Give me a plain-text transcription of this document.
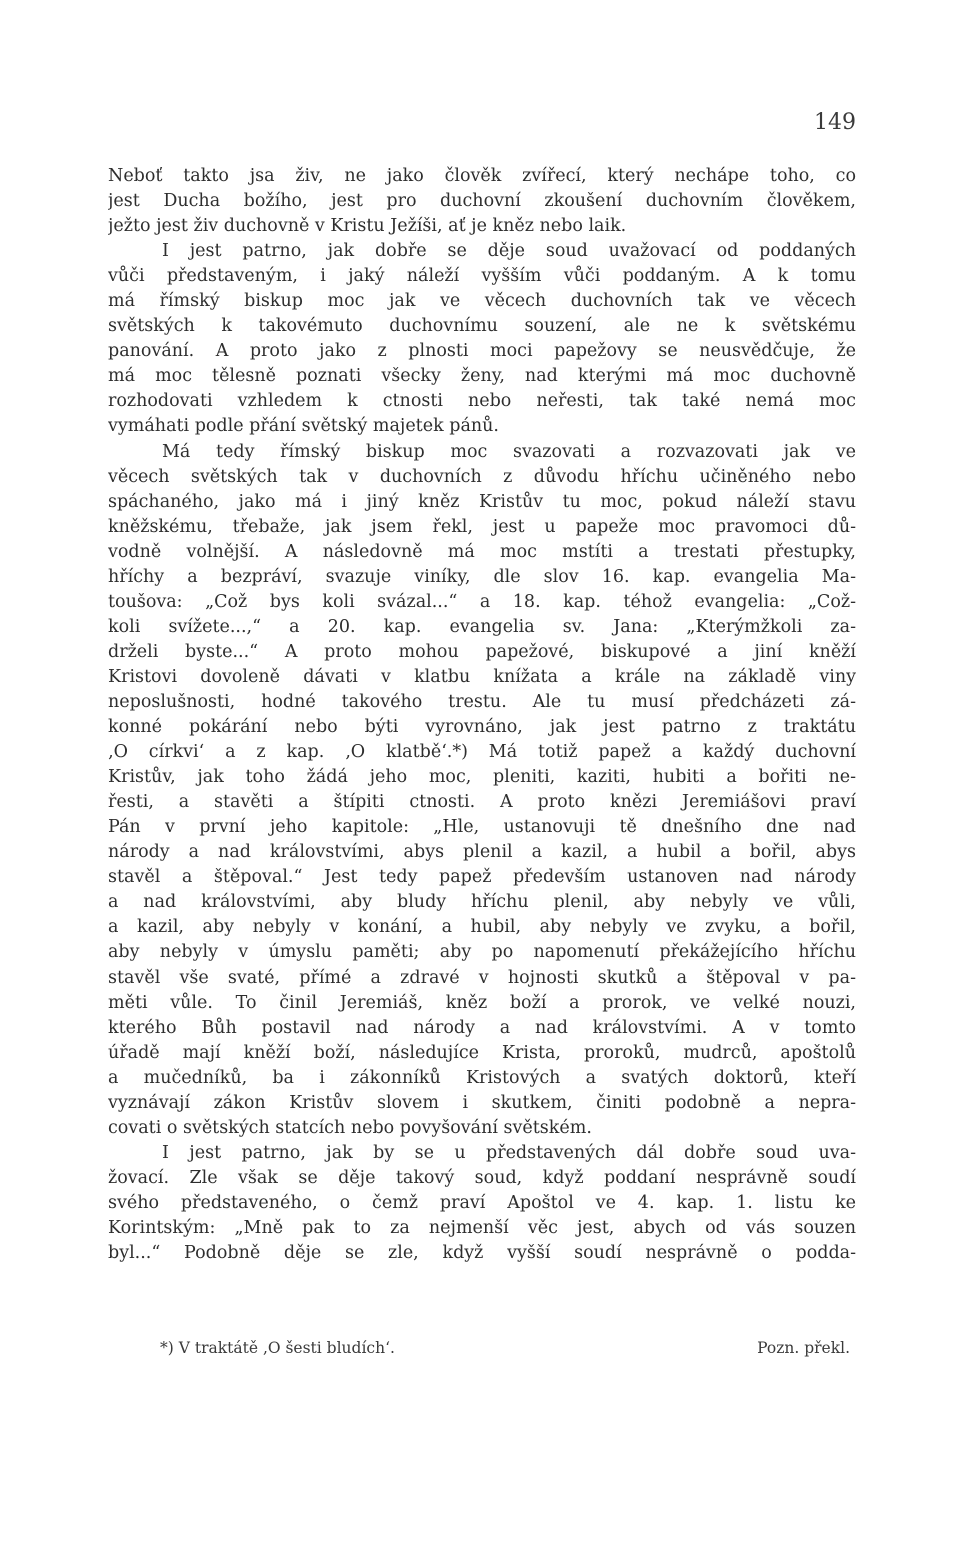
149
Neboť takto jsa živ, ne jako člověk zvířecí, který nechápe toho, co
jest Ducha božího, jest pro duchovní zkoušení duchovním člověkem,
ježto jest živ duchovně v Kristu Ježíši, ať je kněz nebo laik.
I jest patrno, jak dobře se děje soud uvažovací od poddaných
vůči představeným, i jaký náleží vyšším vůči poddaným. A k tomu
má římský biskup moc jak ve věcech duchovních tak ve věcech
světských k takovémuto duchovnímu souzení, ale ne k světskému
panování. A proto jako z plnosti moci papežovy se neusvědčuje, že
má moc tělesně poznati všecky ženy, nad kterými má moc duchovně
rozhodovati vzhledem k ctnosti nebo neřesti, tak také nemá moc
vymáhati podle přání světský majetek pánů.
Má tedy římský biskup moc svazovati a rozvazovati jak ve
věcech světských tak v duchovních z důvodu hříchu učiněného nebo
spáchaného, jako má i jiný kněz Kristův tu moc, pokud náleží stavu
kněžskému, třebaže, jak jsem řekl, jest u papeže moc pravomoci dů-
vodně volnější. A následovně má moc mstíti a trestati přestupky,
hříchy a bezpráví, svazuje viníky, dle slov 16. kap. evangelia Ma-
toušova: „Což bys koli svázal...“ a 18. kap. téhož evangelia: „Což-
koli svížete...,“ a 20. kap. evangelia sv. Jana: „Kterýmžkoli za-
drželi byste...“ A proto mohou papežové, biskupové a jiní kněží
Kristovi dovoleně dávati v klatbu knížata a krále na základě viny
neposlušnosti, hodné takového trestu. Ale tu musí předcházeti zá-
konné pokárání nebo býti vyrovnáno, jak jest patrno z traktátu
‚O církvi‘ a z kap. ‚O klatbě‘.*) Má totiž papež a každý duchovní
Kristův, jak toho žádá jeho moc, pleniti, kaziti, hubiti a bořiti ne-
řesti, a stavěti a štípiti ctnosti. A proto knězi Jeremiášovi praví
Pán v první jeho kapitole: „Hle, ustanovuji tě dnešního dne nad
národy a nad královstvími, abys plenil a kazil, a hubil a bořil, abys
stavěl a štěpoval.“ Jest tedy papež především ustanoven nad národy
a nad královstvími, aby bludy hříchu plenil, aby nebyly ve vůli,
a kazil, aby nebyly v konání, a hubil, aby nebyly ve zvyku, a bořil,
aby nebyly v úmyslu paměti; aby po napomenutí překážejícího hříchu
stavěl vše svaté, přímé a zdravé v hojnosti skutků a štěpoval v pa-
měti vůle. To činil Jeremiáš, kněz boží a prorok, ve velké nouzi,
kterého Bůh postavil nad národy a nad královstvími. A v tomto
úřadě mají kněží boží, následujíce Krista, proroků, mudrců, apoštolů
a mučedníků, ba i zákonníků Kristových a svatých doktorů, kteří
vyznávají zákon Kristův slovem i skutkem, činiti podobně a nepra-
covati o světských statcích nebo povyšování světském.
I jest patrno, jak by se u představených dál dobře soud uva-
žovací. Zle však se děje takový soud, když poddaní nesprávně soudí
svého představeného, o čemž praví Apoštol ve 4. kap. 1. listu ke
Korintským: „Mně pak to za nejmenší věc jest, abych od vás souzen
byl...“ Podobně děje se zle, když vyšší soudí nesprávně o podda-
*) V traktátě ‚O šesti bludích‘.	Pozn. překl.
